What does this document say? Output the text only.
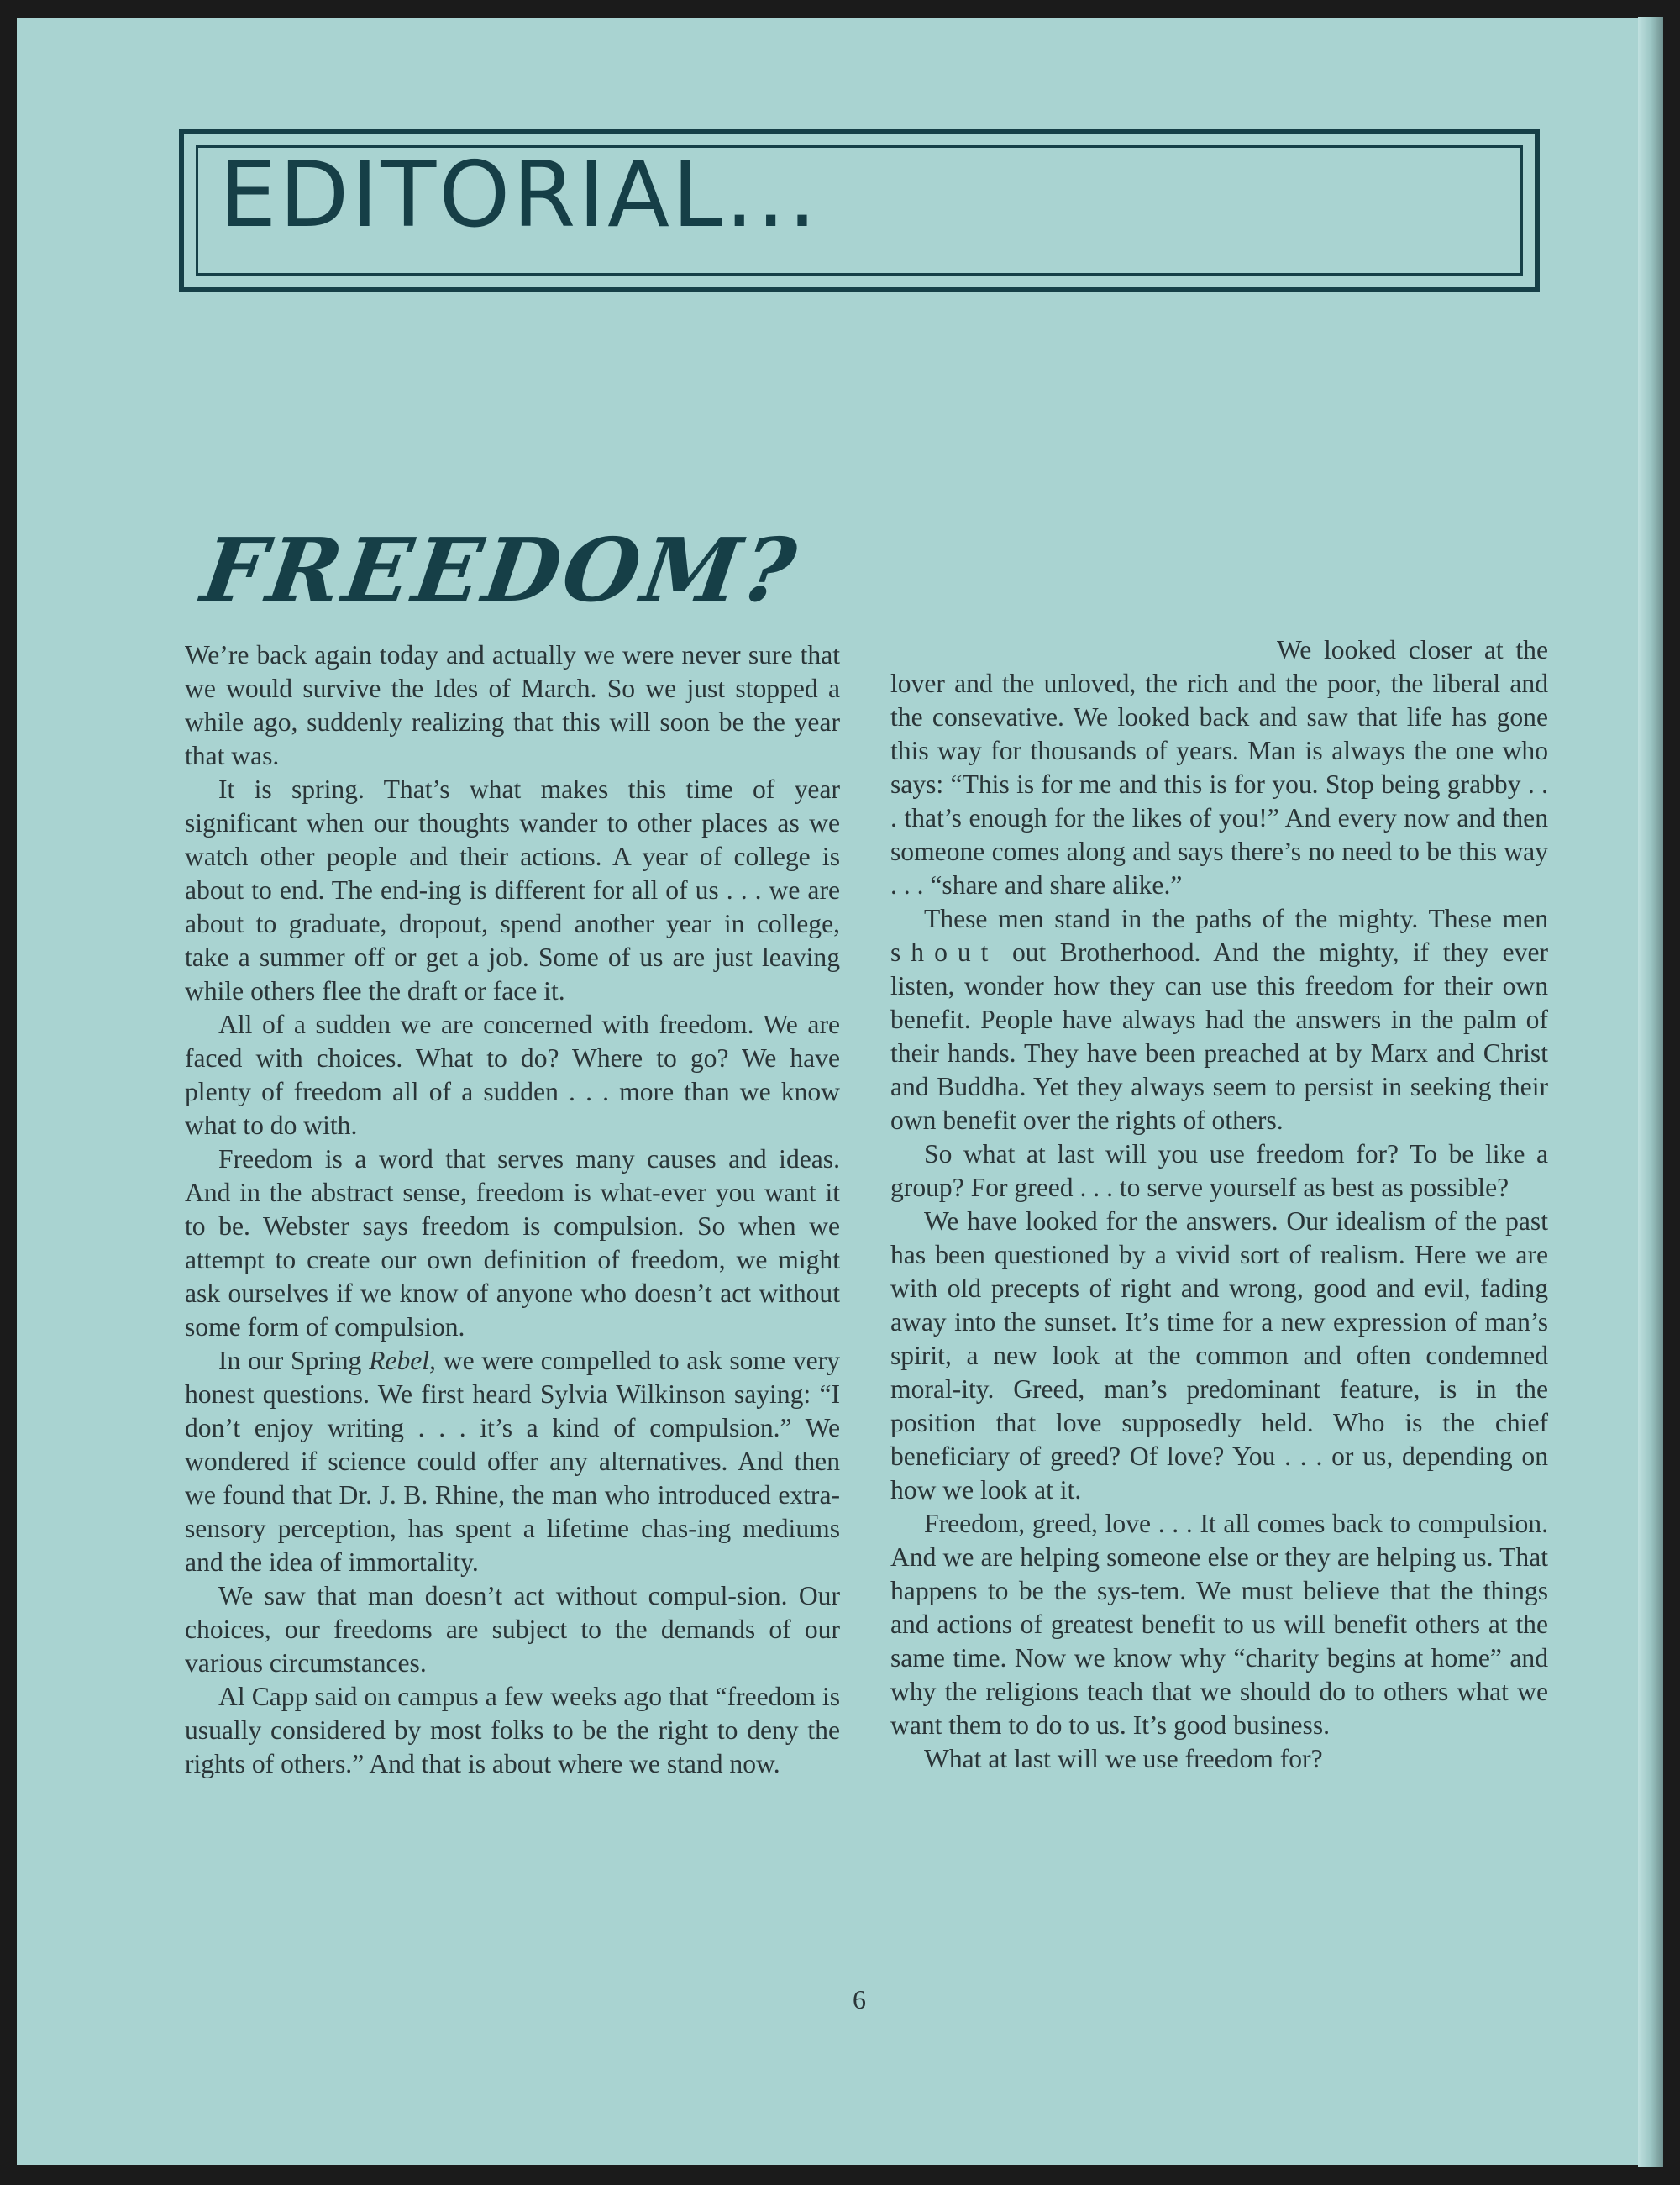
EDITORIAL...
FREEDOM?

We’re back again today and actually we were never sure that we would survive the Ides of March. So we just stopped a while ago, suddenly realizing that this will soon be the year that was.

It is spring. That’s what makes this time of year significant when our thoughts wander to other places as we watch other people and their actions. A year of college is about to end. The end-ing is different for all of us . . . we are about to graduate, dropout, spend another year in college, take a summer off or get a job. Some of us are just leaving while others flee the draft or face it.

All of a sudden we are concerned with freedom. We are faced with choices. What to do? Where to go? We have plenty of freedom all of a sudden . . . more than we know what to do with.

Freedom is a word that serves many causes and ideas. And in the abstract sense, freedom is what-ever you want it to be. Webster says freedom is compulsion. So when we attempt to create our own definition of freedom, we might ask ourselves if we know of anyone who doesn’t act without some form of compulsion.

In our Spring Rebel, we were compelled to ask some very honest questions. We first heard Sylvia Wilkinson saying: “I don’t enjoy writing . . . it’s a kind of compulsion.” We wondered if science could offer any alternatives. And then we found that Dr. J. B. Rhine, the man who introduced extra-sensory perception, has spent a lifetime chas-ing mediums and the idea of immortality.

We saw that man doesn’t act without compul-sion. Our choices, our freedoms are subject to the demands of our various circumstances.

Al Capp said on campus a few weeks ago that “freedom is usually considered by most folks to be the right to deny the rights of others.” And that is about where we stand now.

We looked closer at the lover and the unloved, the rich and the poor, the liberal and the consevative. We looked back and saw that life has gone this way for thousands of years. Man is always the one who says: “This is for me and this is for you. Stop being grabby . . . that’s enough for the likes of you!” And every now and then someone comes along and says there’s no need to be this way . . . “share and share alike.”

These men stand in the paths of the mighty. These men shout out Brotherhood. And the mighty, if they ever listen, wonder how they can use this freedom for their own benefit. People have always had the answers in the palm of their hands. They have been preached at by Marx and Christ and Buddha. Yet they always seem to persist in seeking their own benefit over the rights of others.

So what at last will you use freedom for? To be like a group? For greed . . . to serve yourself as best as possible?

We have looked for the answers. Our idealism of the past has been questioned by a vivid sort of realism. Here we are with old precepts of right and wrong, good and evil, fading away into the sunset. It’s time for a new expression of man’s spirit, a new look at the common and often condemned moral-ity. Greed, man’s predominant feature, is in the position that love supposedly held. Who is the chief beneficiary of greed? Of love? You . . . or us, depending on how we look at it.

Freedom, greed, love . . . It all comes back to compulsion. And we are helping someone else or they are helping us. That happens to be the sys-tem. We must believe that the things and actions of greatest benefit to us will benefit others at the same time. Now we know why “charity begins at home” and why the religions teach that we should do to others what we want them to do to us. It’s good business.

What at last will we use freedom for?

6
